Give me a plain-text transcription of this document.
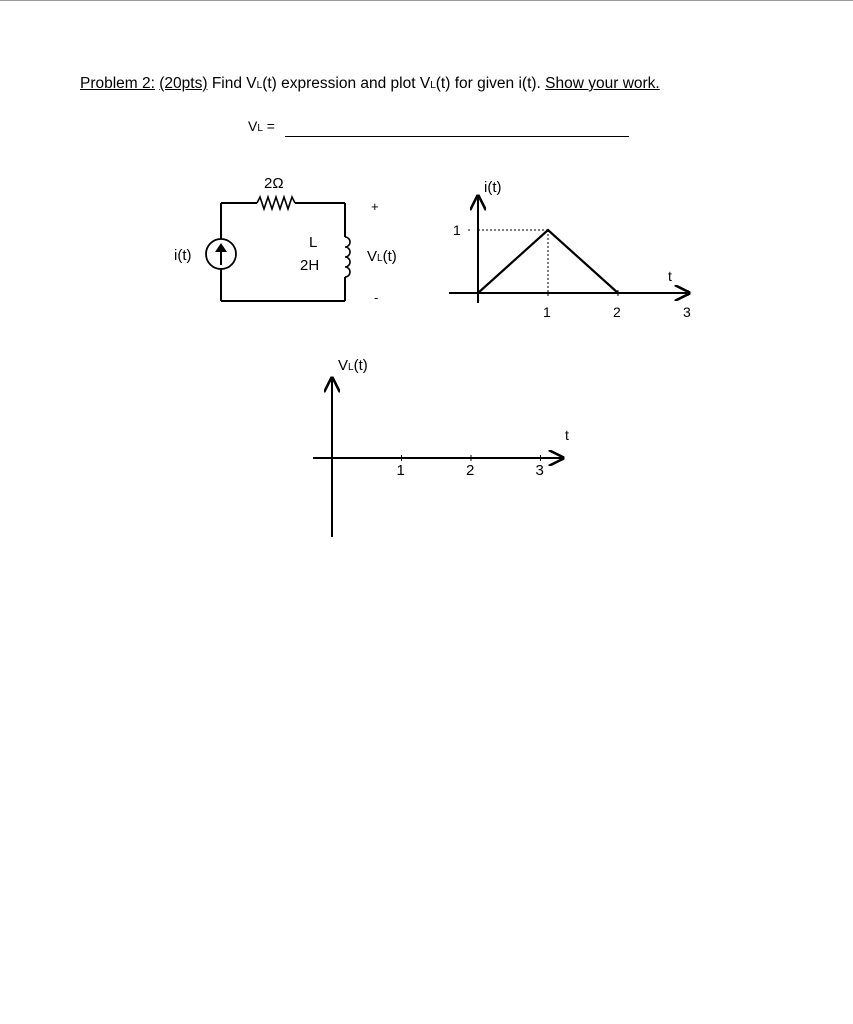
Problem 2: (20pts) Find VL(t) expression and plot VL(t) for given i(t). Show your work.
VL =
i(t)
2Ω
L
2H
+
-
VL(t)
i(t)
t
1	2	3
1
VL(t)
t
1	2	3
